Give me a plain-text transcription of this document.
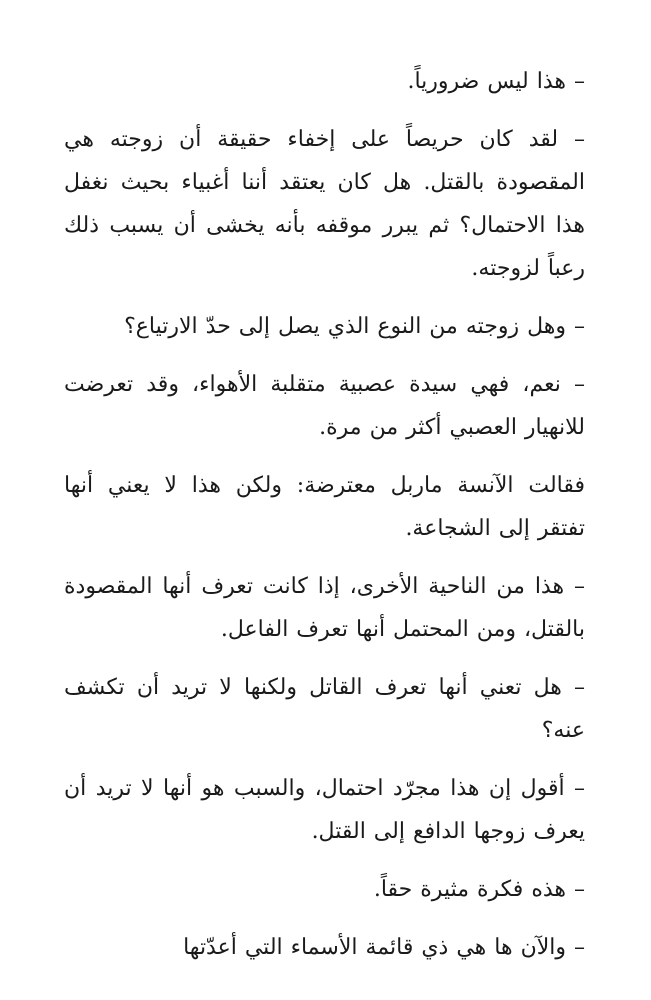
– هذا ليس ضرورياً.

– لقد كان حريصاً على إخفاء حقيقة أن زوجته هي المقصودة بالقتل. هل كان يعتقد أننا أغبياء بحيث نغفل هذا الاحتمال؟ ثم يبرر موقفه بأنه يخشى أن يسبب ذلك رعباً لزوجته.

– وهل زوجته من النوع الذي يصل إلى حدّ الارتياع؟

– نعم، فهي سيدة عصبية متقلبة الأهواء، وقد تعرضت للانهيار العصبي أكثر من مرة.

فقالت الآنسة ماربل معترضة: ولكن هذا لا يعني أنها تفتقر إلى الشجاعة.

– هذا من الناحية الأخرى، إذا كانت تعرف أنها المقصودة بالقتل، ومن المحتمل أنها تعرف الفاعل.

– هل تعني أنها تعرف القاتل ولكنها لا تريد أن تكشف عنه؟

– أقول إن هذا مجرّد احتمال، والسبب هو أنها لا تريد أن يعرف زوجها الدافع إلى القتل.

– هذه فكرة مثيرة حقاً.

– والآن ها هي ذي قائمة الأسماء التي أعدّتها
